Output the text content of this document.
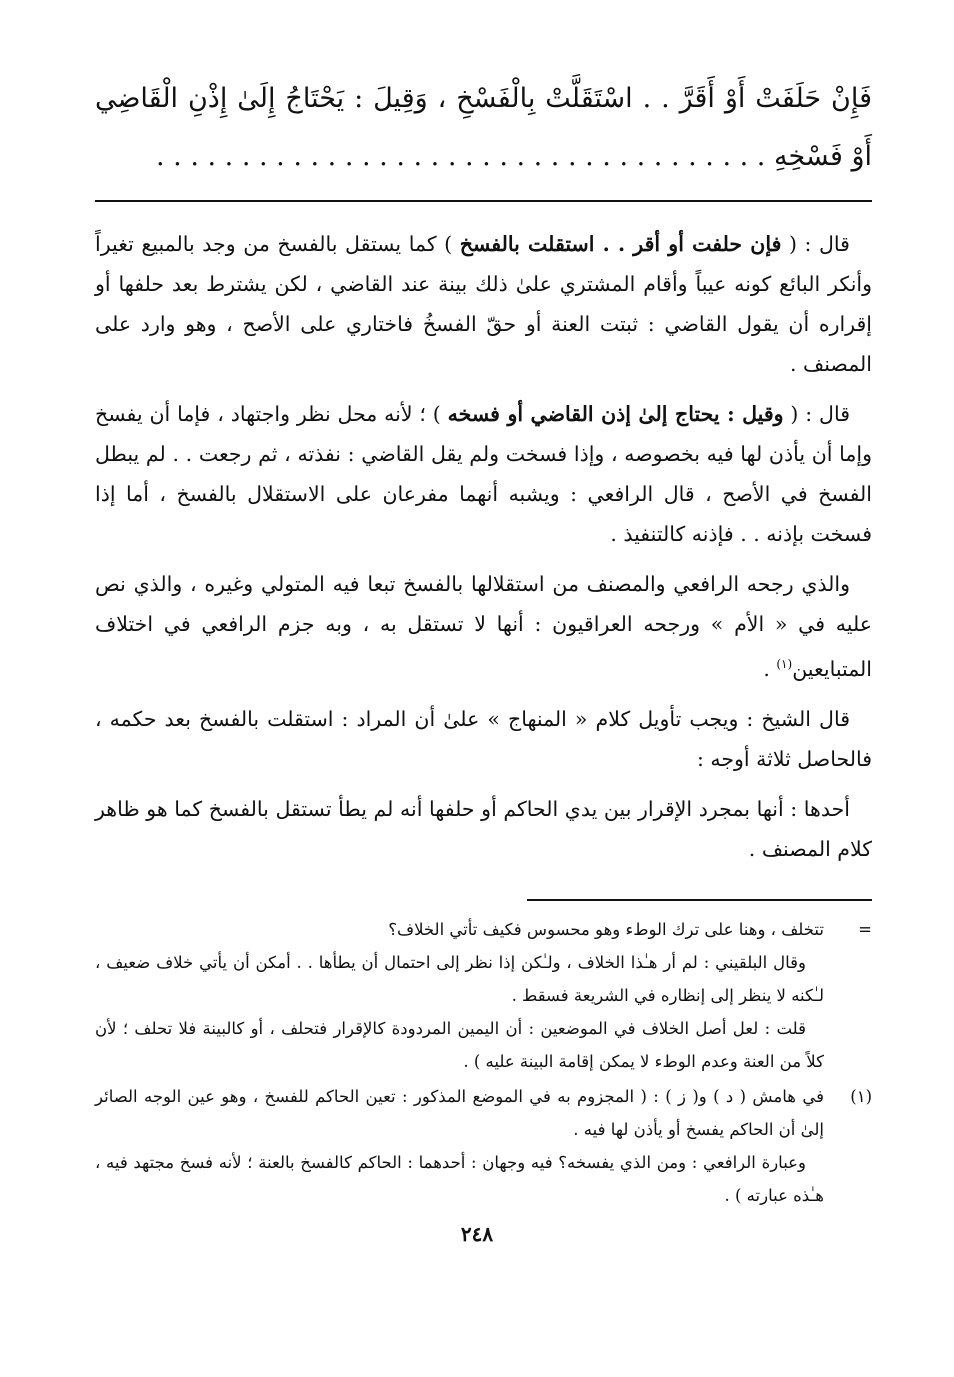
فَإِنْ حَلَفَتْ أَوْ أَقَرَّ . . اسْتَقَلَّتْ بِالْفَسْخِ ، وَقِيلَ : يَحْتَاجُ إِلَىٰ إِذْنِ الْقَاضِي أَوْ فَسْخِهِ . . . . . . . . . . . . . . . . . . . . . . . . . . . . . . . . . . . .

قال : ( فإن حلفت أو أقر . . استقلت بالفسخ ) كما يستقل بالفسخ من وجد بالمبيع تغيراً وأنكر البائع كونه عيباً وأقام المشتري علىٰ ذلك بينة عند القاضي ، لكن يشترط بعد حلفها أو إقراره أن يقول القاضي : ثبتت العنة أو حقّ الفسخُ فاختاري على الأصح ، وهو وارد على المصنف .

قال : ( وقيل : يحتاج إلىٰ إذن القاضي أو فسخه ) ؛ لأنه محل نظر واجتهاد ، فإما أن يفسخ وإما أن يأذن لها فيه بخصوصه ، وإذا فسخت ولم يقل القاضي : نفذته ، ثم رجعت . . لم يبطل الفسخ في الأصح ، قال الرافعي : ويشبه أنهما مفرعان على الاستقلال بالفسخ ، أما إذا فسخت بإذنه . . فإذنه كالتنفيذ .

والذي رجحه الرافعي والمصنف من استقلالها بالفسخ تبعا فيه المتولي وغيره ، والذي نص عليه في « الأم » ورجحه العراقيون : أنها لا تستقل به ، وبه جزم الرافعي في اختلاف المتبايعين$^{(١)}$ .

قال الشيخ : ويجب تأويل كلام « المنهاج » علىٰ أن المراد : استقلت بالفسخ بعد حكمه ، فالحاصل ثلاثة أوجه :

أحدها : أنها بمجرد الإقرار بين يدي الحاكم أو حلفها أنه لم يطأ تستقل بالفسخ كما هو ظاهر كلام المصنف .

=

تتخلف ، وهنا على ترك الوطء وهو محسوس فكيف تأتي الخلاف؟

وقال البلقيني : لم أر هـٰذا الخلاف ، ولـٰكن إذا نظر إلى احتمال أن يطأها . . أمكن أن يأتي خلاف ضعيف ، لـٰكنه لا ينظر إلى إنظاره في الشريعة فسقط .

قلت : لعل أصل الخلاف في الموضعين : أن اليمين المردودة كالإقرار فتحلف ، أو كالبينة فلا تحلف ؛ لأن كلاً من العنة وعدم الوطء لا يمكن إقامة البينة عليه ) .

(١)

في هامش ( د ) و( ز ) : ( المجزوم به في الموضع المذكور : تعين الحاكم للفسخ ، وهو عين الوجه الصائر إلىٰ أن الحاكم يفسخ أو يأذن لها فيه .

وعبارة الرافعي : ومن الذي يفسخه؟ فيه وجهان : أحدهما : الحاكم كالفسخ بالعنة ؛ لأنه فسخ مجتهد فيه ، هـٰذه عبارته ) .

٢٤٨
